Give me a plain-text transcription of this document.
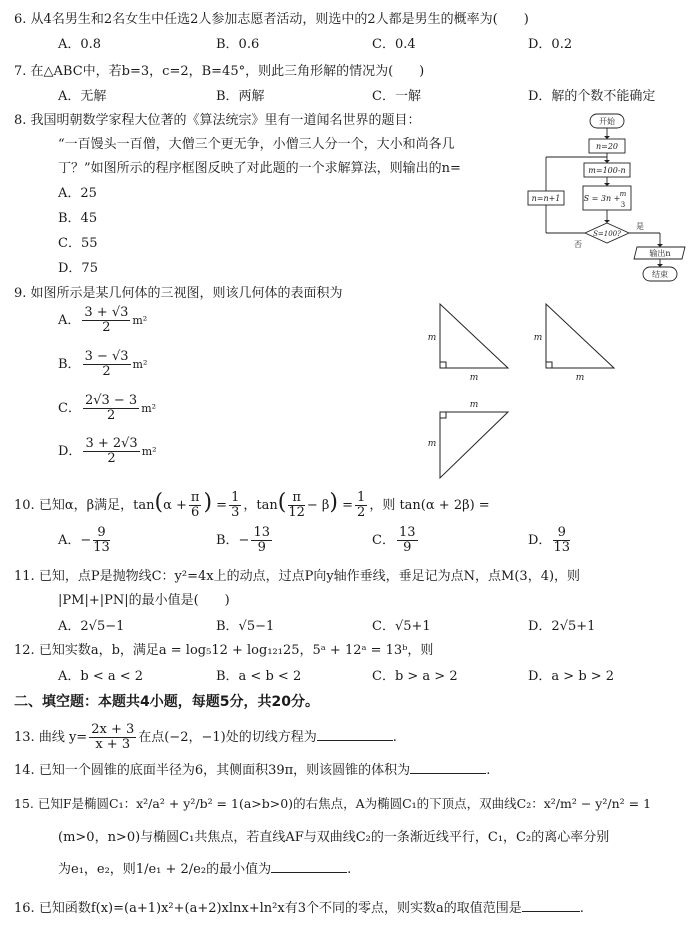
6. 从4名男生和2名女生中任选2人参加志愿者活动，则选中的2人都是男生的概率为(　　)
A．0.8	B．0.6	C．0.4	D．0.2
7. 在△ABC中，若b=3，c=2，B=45°，则此三角形解的情况为(　　)
A．无解	B．两解	C．一解	D．解的个数不能确定
8. 我国明朝数学家程大位著的《算法统宗》里有一道闻名世界的题目：
“一百馒头一百僧，大僧三个更无争，小僧三人分一个，大小和尚各几
丁？”如图所示的程序框图反映了对此题的一个求解算法，则输出的n=
A．25
B．45
C．55
D．75
开始
n=20
m=100-n
S = 3n + m
3
S=100?
是
否
n=n+1
输出n
结束
9. 如图所示是某几何体的三视图，则该几何体的表面积为
A． $\frac{3 + √3}{2} m^2$
B． $\frac{3 - √3}{2} m^2$
C． $\frac{2√3 - 3}{2} m^2$
D． $\frac{3 + 2√3}{2} m^2$
m
m
m
m
m
m
10. 已知α，β满足，$\tan(\alpha + \frac{\pi}{6}$ ) = $\frac{1}{3}$ ，$\tan( \frac{\pi}{12} - \beta) = \frac{1}{2}$ ，则 tan(α + 2β) =
A．− $\frac{9}{13}$	B．− $\frac{13}{9}$	C． $\frac{13}{9}$	D． $\frac{9}{13}$
11. 已知，点P是抛物线C：y²=4x上的动点，过点P向y轴作垂线，垂足记为点N，点M(3，4)，则
|PM|+|PN|的最小值是(　　)
A．2√5−1	B．√5−1	C．√5+1	D．2√5+1
12. 已知实数a，b，满足a = log₅12 + log₁₂₁25，5ᵃ + 12ᵃ = 13ᵇ，则
A．b < a < 2	B．a < b < 2	C．b > a > 2	D．a > b > 2
二、填空题：本题共4小题，每题5分，共20分。
13. 曲线 $y= \frac{2x + 3}{x + 3}$ 在点(−2，−1)处的切线方程为	.
14. 已知一个圆锥的底面半径为6，其侧面积39π，则该圆锥的体积为	.
15. 已知F是椭圆C₁：x²/a² + y²/b² = 1(a>b>0)的右焦点，A为椭圆C₁的下顶点，双曲线C₂：x²/m² − y²/n² = 1
(m>0，n>0)与椭圆C₁共焦点，若直线AF与双曲线C₂的一条渐近线平行，C₁，C₂的离心率分别
为e₁，e₂，则1/e₁ + 2/e₂的最小值为	.
16. 已知函数f(x)=(a+1)x²+(a+2)xlnx+ln²x有3个不同的零点，则实数a的取值范围是	.
